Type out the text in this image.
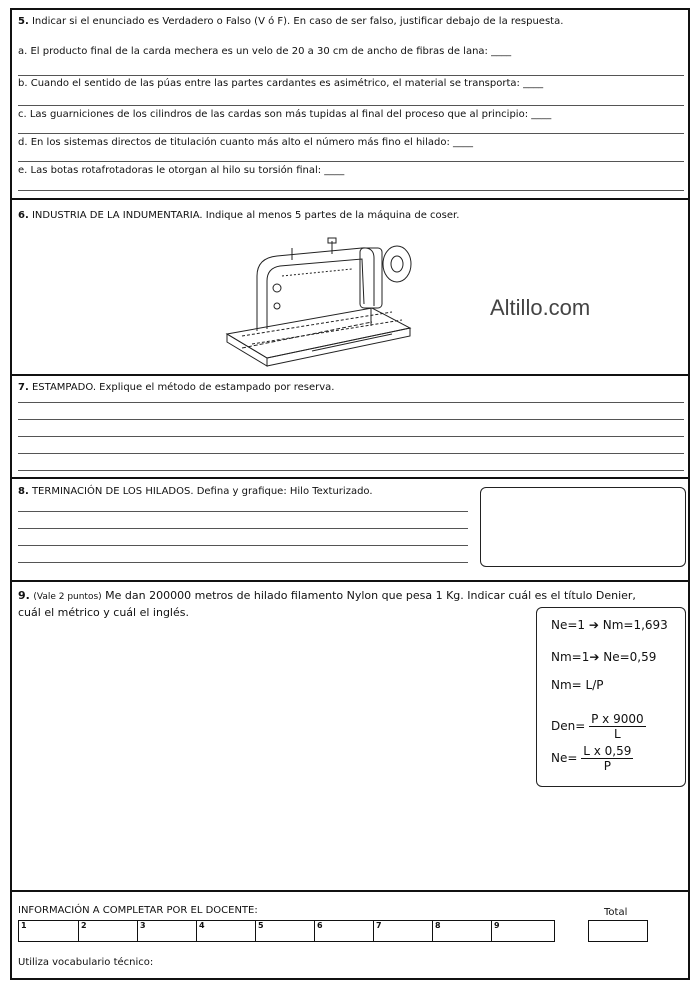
5. Indicar si el enunciado es Verdadero o Falso (V ó F). En caso de ser falso, justificar debajo de la respuesta.
a. El producto final de la carda mechera es un velo de 20 a 30 cm de ancho de fibras de lana: ____
b. Cuando el sentido de las púas entre las partes cardantes es asimétrico, el material se transporta: ____
c. Las guarniciones de los cilindros de las cardas son más tupidas al final del proceso que al principio: ____
d. En los sistemas directos de titulación cuanto más alto el número más fino el hilado: ____
e. Las botas rotafrotadoras le otorgan al hilo su torsión final: ____
6. INDUSTRIA DE LA INDUMENTARIA. Indique al menos 5 partes de la máquina de coser.
Altillo.com
7. ESTAMPADO. Explique el método de estampado por reserva.
8. TERMINACIÓN DE LOS HILADOS. Defina y grafique: Hilo Texturizado.
9. (Vale 2 puntos) Me dan 200000 metros de hilado filamento Nylon que pesa 1 Kg. Indicar cuál es el título Denier,
cuál el métrico y cuál el inglés.
Ne=1 ➔ Nm=1,693
Nm=1➔ Ne=0,59
Nm= L/P
$Den= \frac{\text{P x 9000}}{L}$
$Ne= \frac{\text{L x 0,59}}{P}$
INFORMACIÓN A COMPLETAR POR EL DOCENTE:	Total
1	2	3	4	5	6	7	8	9
Utiliza vocabulario técnico:
